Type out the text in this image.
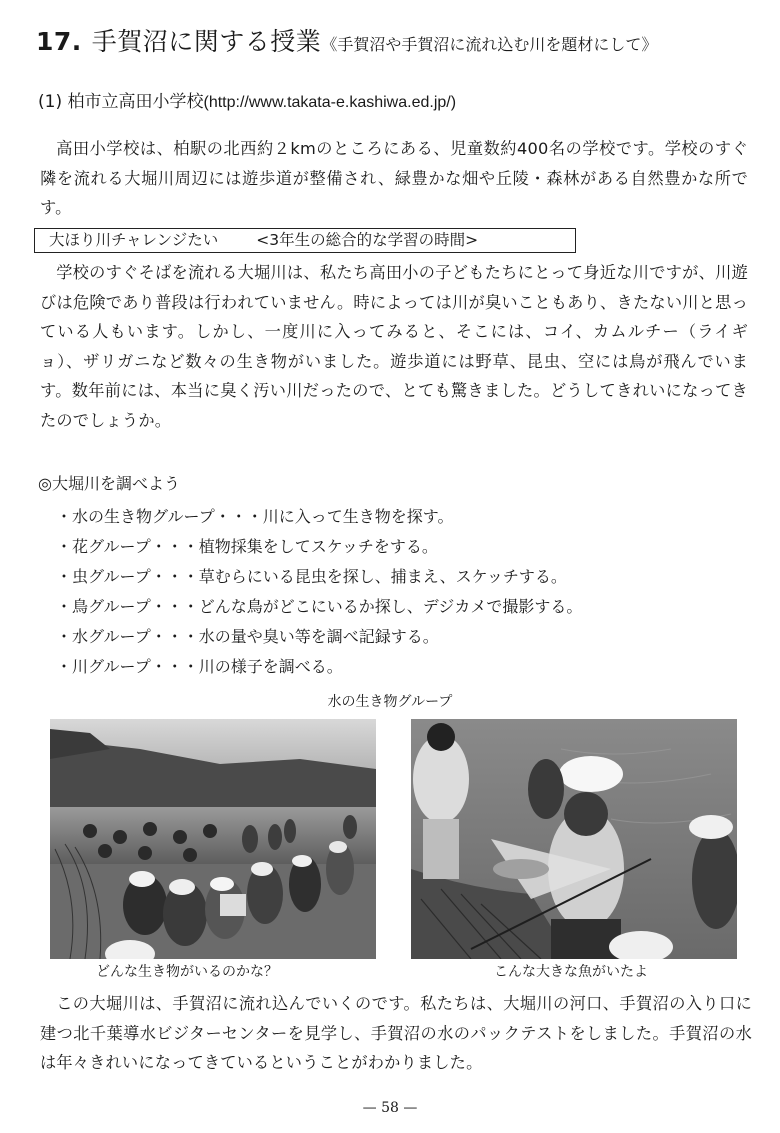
17. 手賀沼に関する授業《手賀沼や手賀沼に流れ込む川を題材にして》
(1) 柏市立高田小学校(http://www.takata-e.kashiwa.ed.jp/)

高田小学校は、柏駅の北西約２kmのところにある、児童数約400名の学校です。学校のすぐ隣を流れる大堀川周辺には遊歩道が整備され、緑豊かな畑や丘陵・森林がある自然豊かな所です。

大ほり川チャレンジたい <3年生の総合的な学習の時間>

学校のすぐそばを流れる大堀川は、私たち高田小の子どもたちにとって身近な川ですが、川遊びは危険であり普段は行われていません。時によっては川が臭いこともあり、きたない川と思っている人もいます。しかし、一度川に入ってみると、そこには、コイ、カムルチー（ライギョ）、ザリガニなど数々の生き物がいました。遊歩道には野草、昆虫、空には鳥が飛んでいます。数年前には、本当に臭く汚い川だったので、とても驚きました。どうしてきれいになってきたのでしょうか。

◎大堀川を調べよう
・水の生き物グループ・・・川に入って生き物を探す。
・花グループ・・・植物採集をしてスケッチをする。
・虫グループ・・・草むらにいる昆虫を探し、捕まえ、スケッチする。
・鳥グループ・・・どんな鳥がどこにいるか探し、デジカメで撮影する。
・水グループ・・・水の量や臭い等を調べ記録する。
・川グループ・・・川の様子を調べる。
水の生き物グループ
どんな生き物がいるのかな？	こんな大きな魚がいたよ

この大堀川は、手賀沼に流れ込んでいくのです。私たちは、大堀川の河口、手賀沼の入り口に建つ北千葉導水ビジターセンターを見学し、手賀沼の水のパックテストをしました。手賀沼の水は年々きれいになってきているということがわかりました。

— 58 —
